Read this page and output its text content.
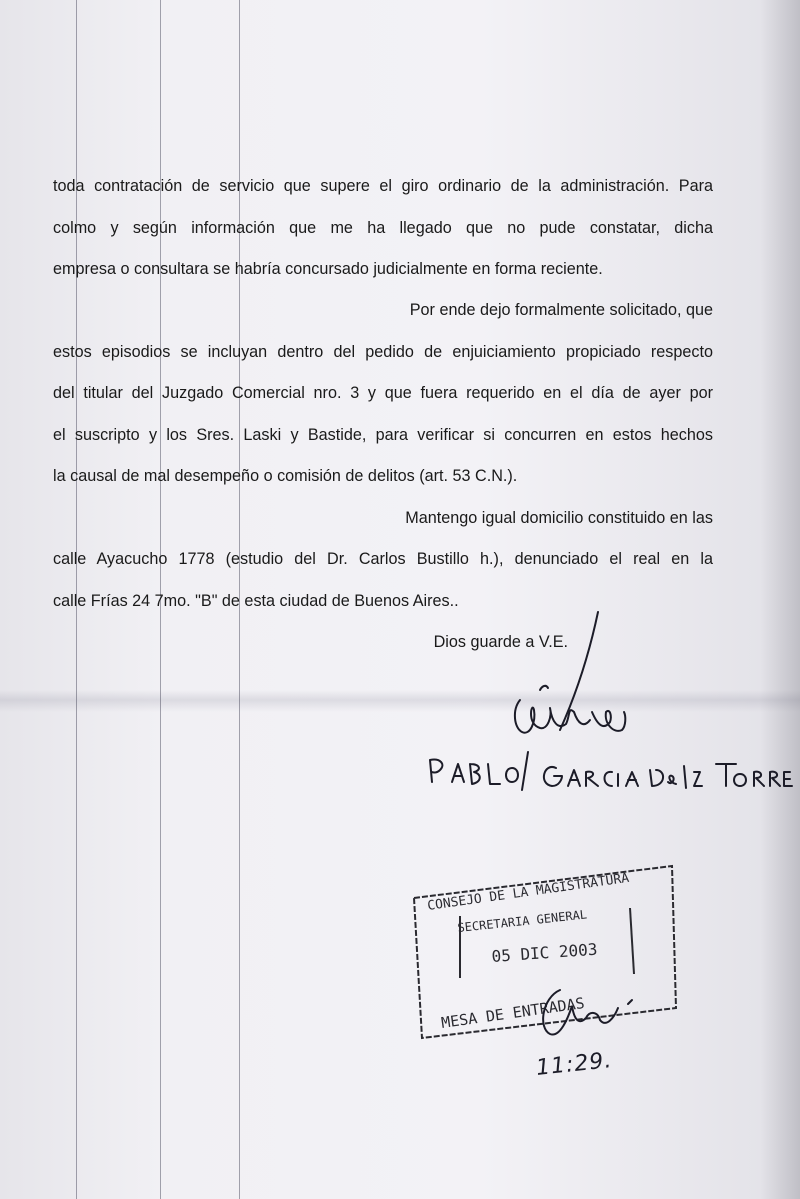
toda contratación de servicio que supere el giro ordinario de la administración. Para
colmo y según información que me ha llegado que no pude constatar, dicha
empresa o consultara se habría concursado judicialmente en forma reciente.
Por ende dejo formalmente solicitado, que
estos episodios se incluyan dentro del pedido de enjuiciamiento propiciado respecto
del titular del Juzgado Comercial nro. 3 y que fuera requerido en el día de ayer por
el suscripto y los Sres. Laski y Bastide, para verificar si concurren en estos hechos
la causal de mal desempeño o comisión de delitos (art. 53 C.N.).
Mantengo igual domicilio constituido en las
calle Ayacucho 1778 (estudio del Dr. Carlos Bustillo h.), denunciado el real en la
calle Frías 24 7mo. "B" de esta ciudad de Buenos Aires..
Dios guarde a V.E.
CONSEJO DE LA MAGISTRATURA
SECRETARIA GENERAL
05 DIC 2003
MESA DE ENTRADAS
11:29.
